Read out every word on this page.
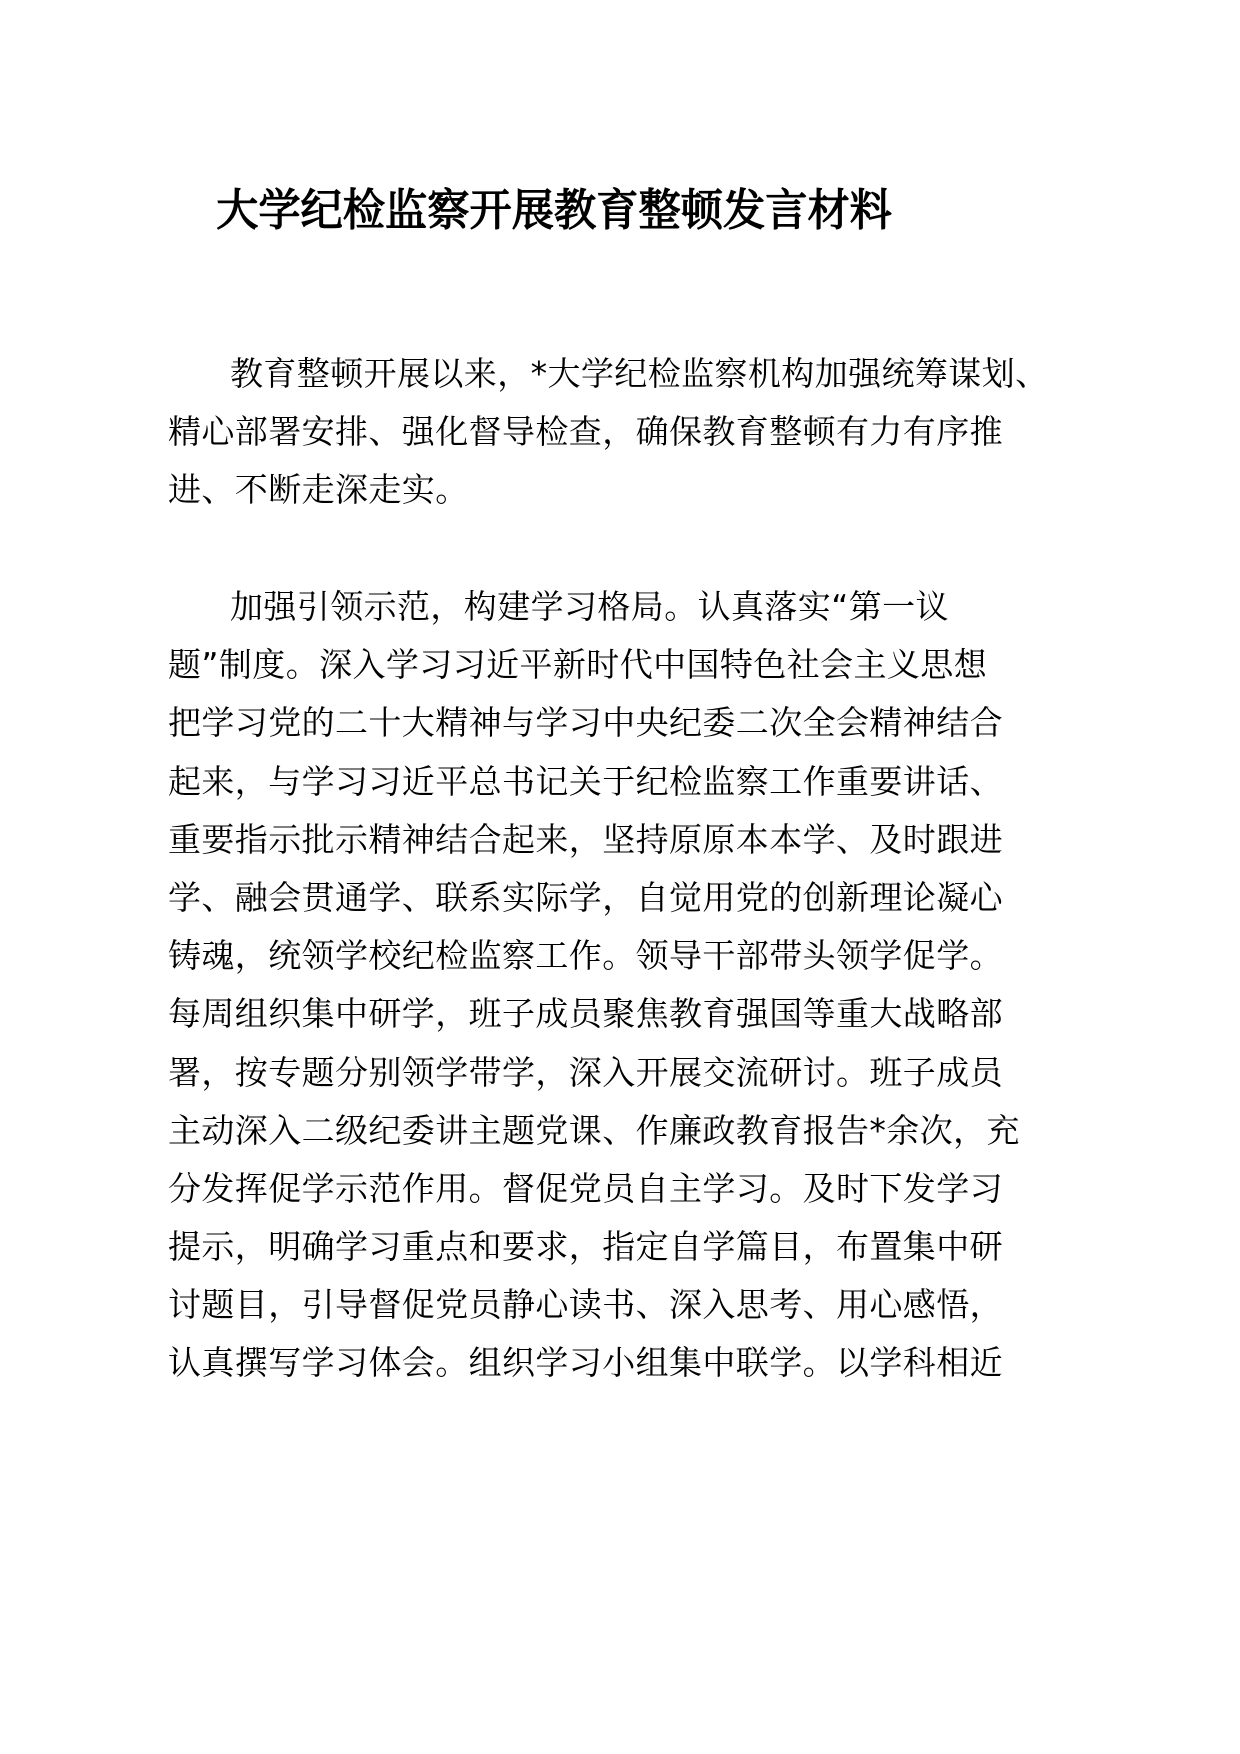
大学纪检监察开展教育整顿发言材料
教育整顿开展以来，*大学纪检监察机构加强统筹谋划、
精心部署安排、强化督导检查，确保教育整顿有力有序推
进、不断走深走实。
加强引领示范，构建学习格局。认真落实“第一议
题”制度。深入学习习近平新时代中国特色社会主义思想
把学习党的二十大精神与学习中央纪委二次全会精神结合
起来，与学习习近平总书记关于纪检监察工作重要讲话、
重要指示批示精神结合起来，坚持原原本本学、及时跟进
学、融会贯通学、联系实际学，自觉用党的创新理论凝心
铸魂，统领学校纪检监察工作。领导干部带头领学促学。
每周组织集中研学，班子成员聚焦教育强国等重大战略部
署，按专题分别领学带学，深入开展交流研讨。班子成员
主动深入二级纪委讲主题党课、作廉政教育报告*余次，充
分发挥促学示范作用。督促党员自主学习。及时下发学习
提示，明确学习重点和要求，指定自学篇目，布置集中研
讨题目，引导督促党员静心读书、深入思考、用心感悟，
认真撰写学习体会。组织学习小组集中联学。以学科相近
